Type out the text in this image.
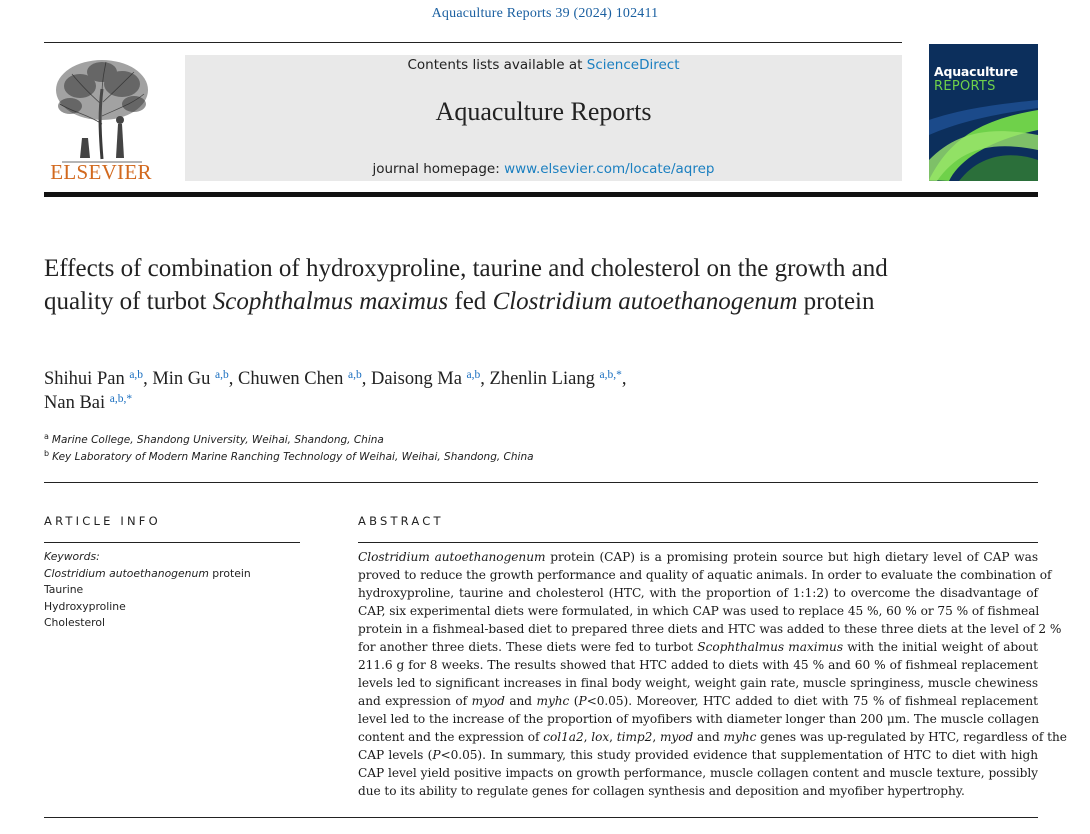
Aquaculture Reports 39 (2024) 102411
ELSEVIER
Contents lists available at ScienceDirect
Aquaculture Reports
journal homepage: www.elsevier.com/locate/aqrep
Aquaculture
REPORTS
Effects of combination of hydroxyproline, taurine and cholesterol on the growth and quality of turbot Scophthalmus maximus fed Clostridium autoethanogenum protein
Shihui Pan $^{a,b}$, Min Gu $^{a,b}$, Chuwen Chen $^{a,b}$, Daisong Ma $^{a,b}$, Zhenlin Liang $^{a,b,*}$,
Nan Bai $^{a,b,*}$
$^a$ Marine College, Shandong University, Weihai, Shandong, China
$^b$ Key Laboratory of Modern Marine Ranching Technology of Weihai, Weihai, Shandong, China
ARTICLE INFO	ABSTRACT
Keywords:
Clostridium autoethanogenum protein
Taurine
Hydroxyproline
Cholesterol
Clostridium autoethanogenum protein (CAP) is a promising protein source but high dietary level of CAP was
proved to reduce the growth performance and quality of aquatic animals. In order to evaluate the combination of
hydroxyproline, taurine and cholesterol (HTC, with the proportion of 1:1:2) to overcome the disadvantage of
CAP, six experimental diets were formulated, in which CAP was used to replace 45 %, 60 % or 75 % of fishmeal
protein in a fishmeal-based diet to prepared three diets and HTC was added to these three diets at the level of 2 %
for another three diets. These diets were fed to turbot Scophthalmus maximus with the initial weight of about
211.6 g for 8 weeks. The results showed that HTC added to diets with 45 % and 60 % of fishmeal replacement
levels led to significant increases in final body weight, weight gain rate, muscle springiness, muscle chewiness
and expression of myod and myhc (P<0.05). Moreover, HTC added to diet with 75 % of fishmeal replacement
level led to the increase of the proportion of myofibers with diameter longer than 200 μm. The muscle collagen
content and the expression of col1a2, lox, timp2, myod and myhc genes was up-regulated by HTC, regardless of the
CAP levels (P<0.05). In summary, this study provided evidence that supplementation of HTC to diet with high
CAP level yield positive impacts on growth performance, muscle collagen content and muscle texture, possibly
due to its ability to regulate genes for collagen synthesis and deposition and myofiber hypertrophy.
